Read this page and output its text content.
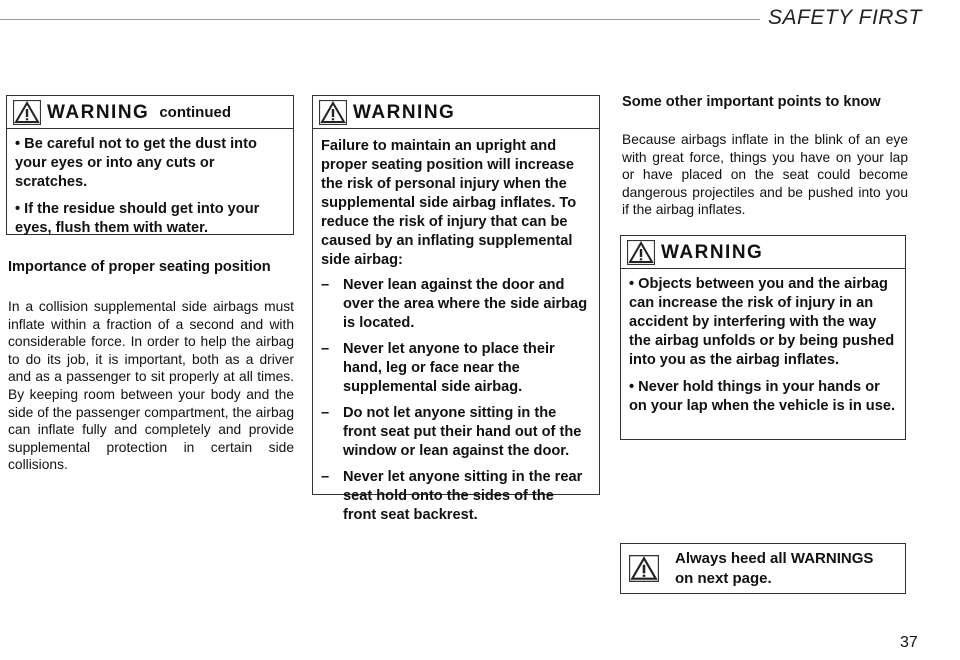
SAFETY FIRST
WARNING continued

• Be careful not to get the dust into your eyes or into any cuts or scratches.

• If the residue should get into your eyes, flush them with water.

Importance of proper seating position
In a collision supplemental side airbags must inflate within a fraction of a second and with considerable force. In order to help the airbag to do its job, it is important, both as a driver and as a passenger to sit properly at all times. By keeping room between your body and the side of the passenger compartment, the airbag can inflate fully and completely and provide supplemental protection in certain side collisions.
WARNING

Failure to maintain an upright and proper seating position will increase the risk of personal injury when the supplemental side airbag inflates. To reduce the risk of injury that can be caused by an inflating supplemental side airbag:

– Never lean against the door and over the area where the side airbag is located.
– Never let anyone to place their hand, leg or face near the supplemental side airbag.
– Do not let anyone sitting in the front seat put their hand out of the window or lean against the door.
– Never let anyone sitting in the rear seat hold onto the sides of the front seat backrest.
Some other important points to know
Because airbags inflate in the blink of an eye with great force, things you have on your lap or have placed on the seat could become dangerous projectiles and be pushed into you if the airbag inflates.
WARNING

• Objects between you and the airbag can increase the risk of injury in an accident by interfering with the way the airbag unfolds or by being pushed into you as the airbag inflates.

• Never hold things in your hands or on your lap when the vehicle is in use.

Always heed all WARNINGS on next page.
37
